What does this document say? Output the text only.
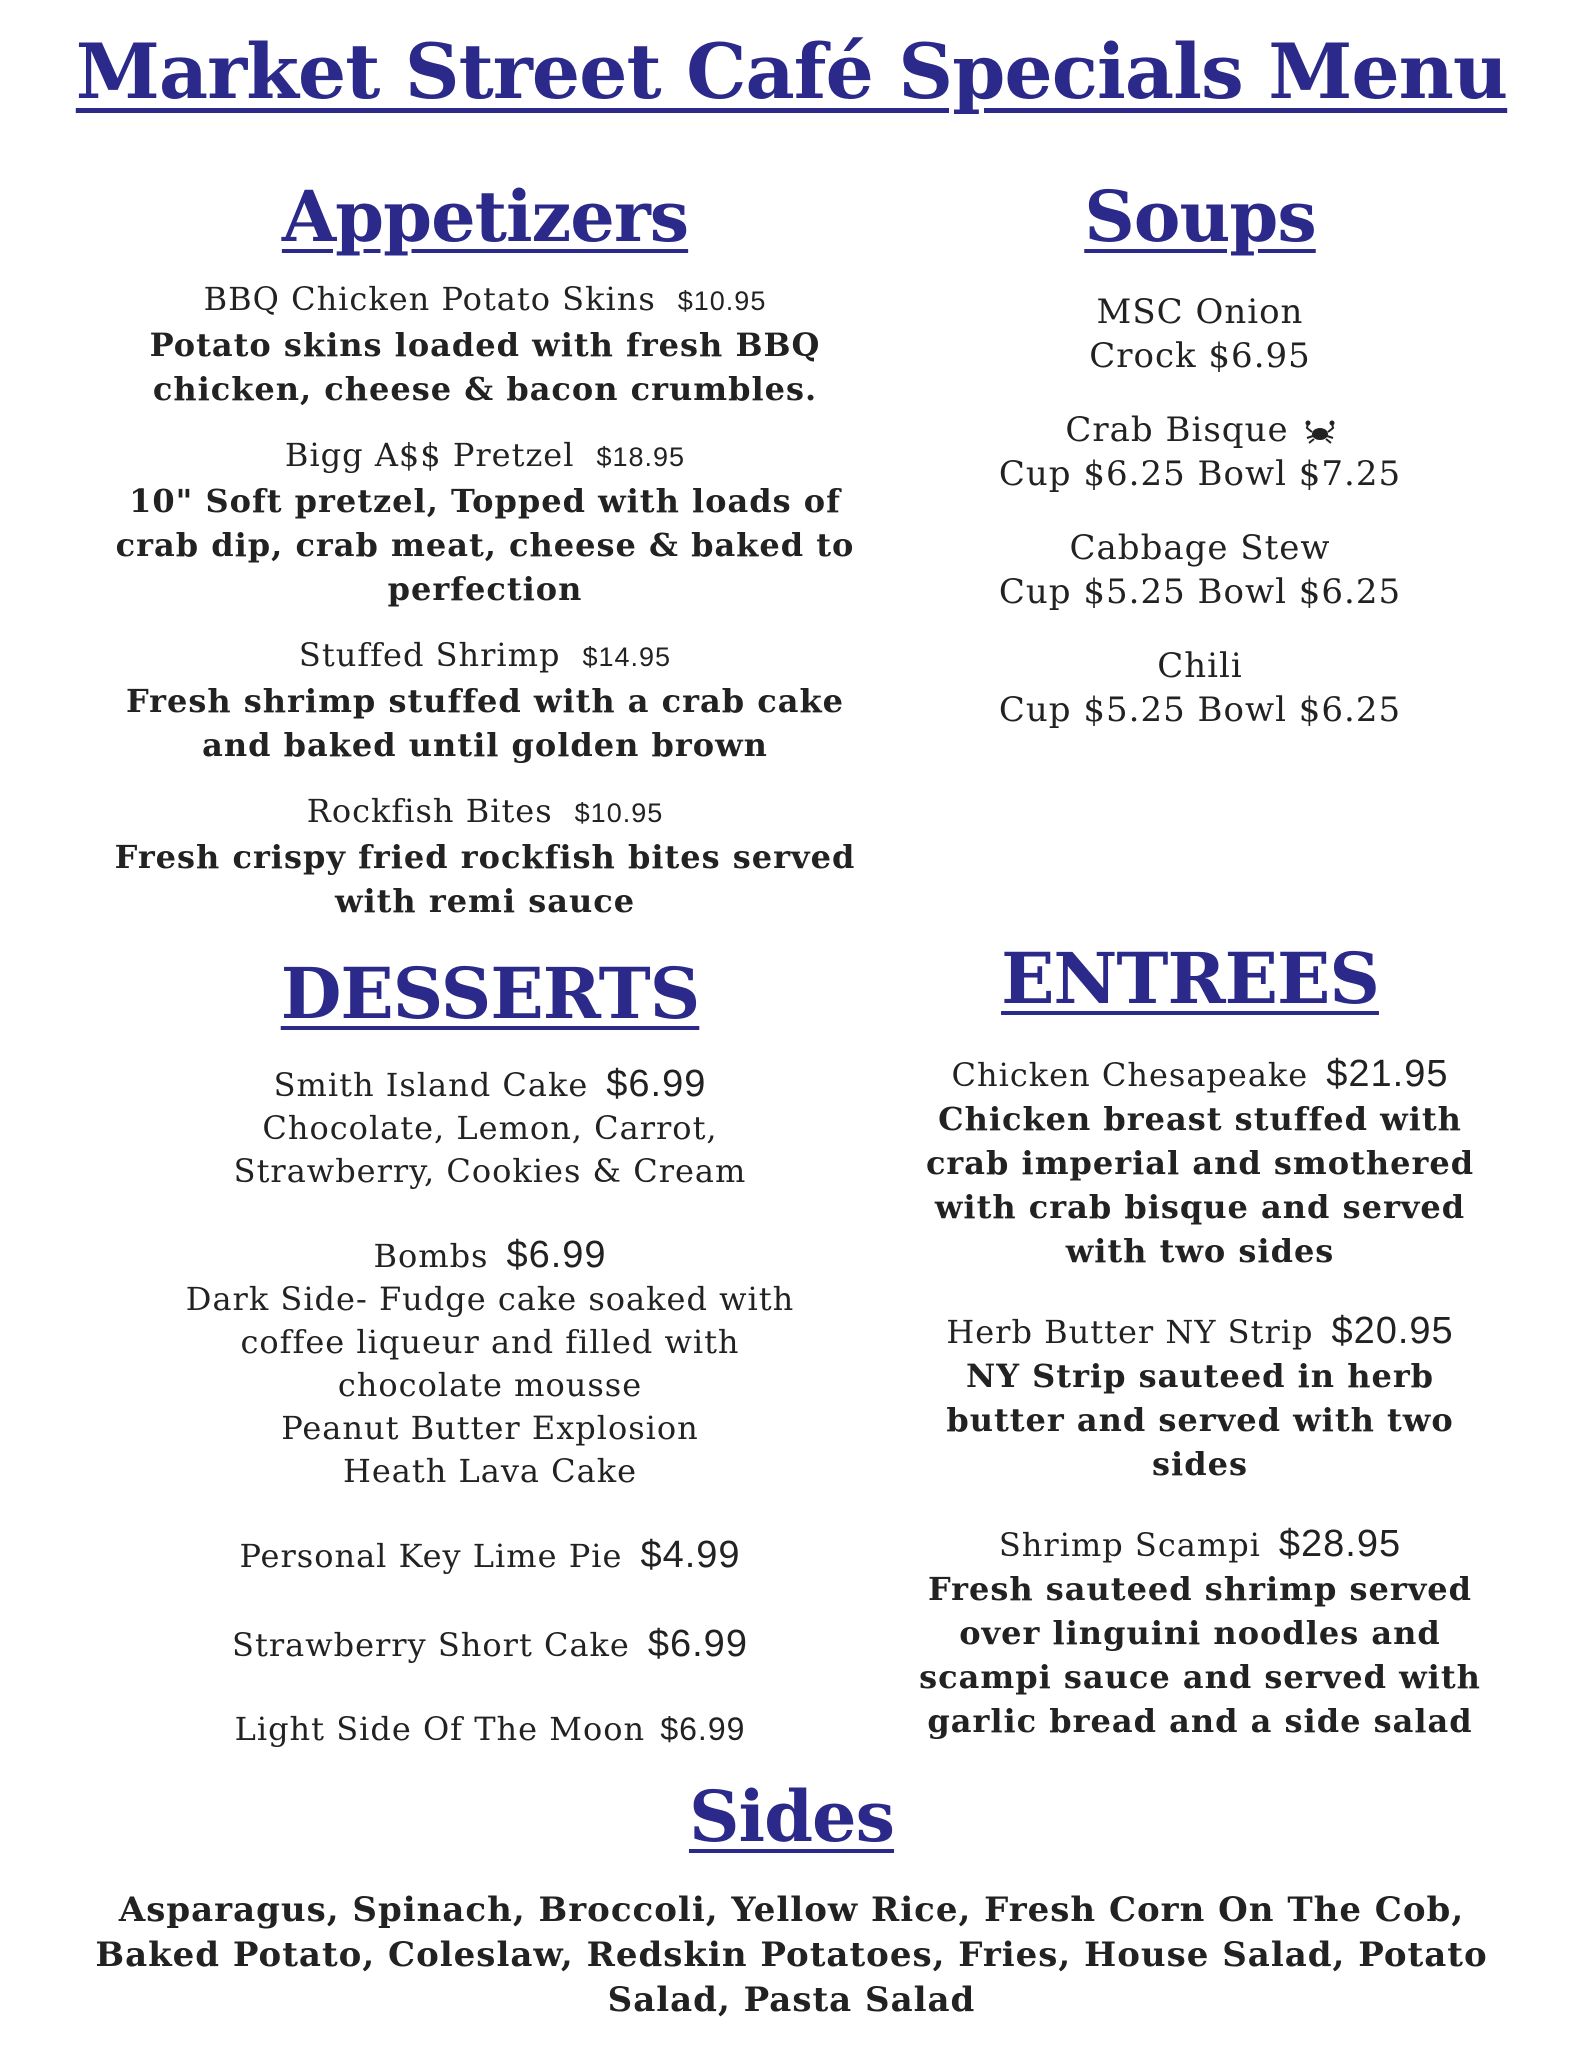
Market Street Café Specials Menu
Appetizers
BBQ Chicken Potato Skins $10.95
Potato skins loaded with fresh BBQ
chicken, cheese & bacon crumbles.
Bigg A$$ Pretzel $18.95
10" Soft pretzel, Topped with loads of
crab dip, crab meat, cheese & baked to
perfection
Stuffed Shrimp $14.95
Fresh shrimp stuffed with a crab cake
and baked until golden brown
Rockfish Bites $10.95
Fresh crispy fried rockfish bites served
with remi sauce
Soups
MSC Onion
Crock $6.95
Crab Bisque
Cup $6.25 Bowl $7.25
Cabbage Stew
Cup $5.25 Bowl $6.25
Chili
Cup $5.25 Bowl $6.25
DESSERTS
Smith Island Cake $6.99
Chocolate, Lemon, Carrot,
Strawberry, Cookies & Cream
Bombs $6.99
Dark Side- Fudge cake soaked with
coffee liqueur and filled with
chocolate mousse
Peanut Butter Explosion
Heath Lava Cake
Personal Key Lime Pie $4.99
Strawberry Short Cake $6.99
Light Side Of The Moon $6.99
ENTREES
Chicken Chesapeake $21.95
Chicken breast stuffed with
crab imperial and smothered
with crab bisque and served
with two sides
Herb Butter NY Strip $20.95
NY Strip sauteed in herb
butter and served with two
sides
Shrimp Scampi $28.95
Fresh sauteed shrimp served
over linguini noodles and
scampi sauce and served with
garlic bread and a side salad
Sides
Asparagus, Spinach, Broccoli, Yellow Rice, Fresh Corn On The Cob,
Baked Potato, Coleslaw, Redskin Potatoes, Fries, House Salad, Potato
Salad, Pasta Salad
